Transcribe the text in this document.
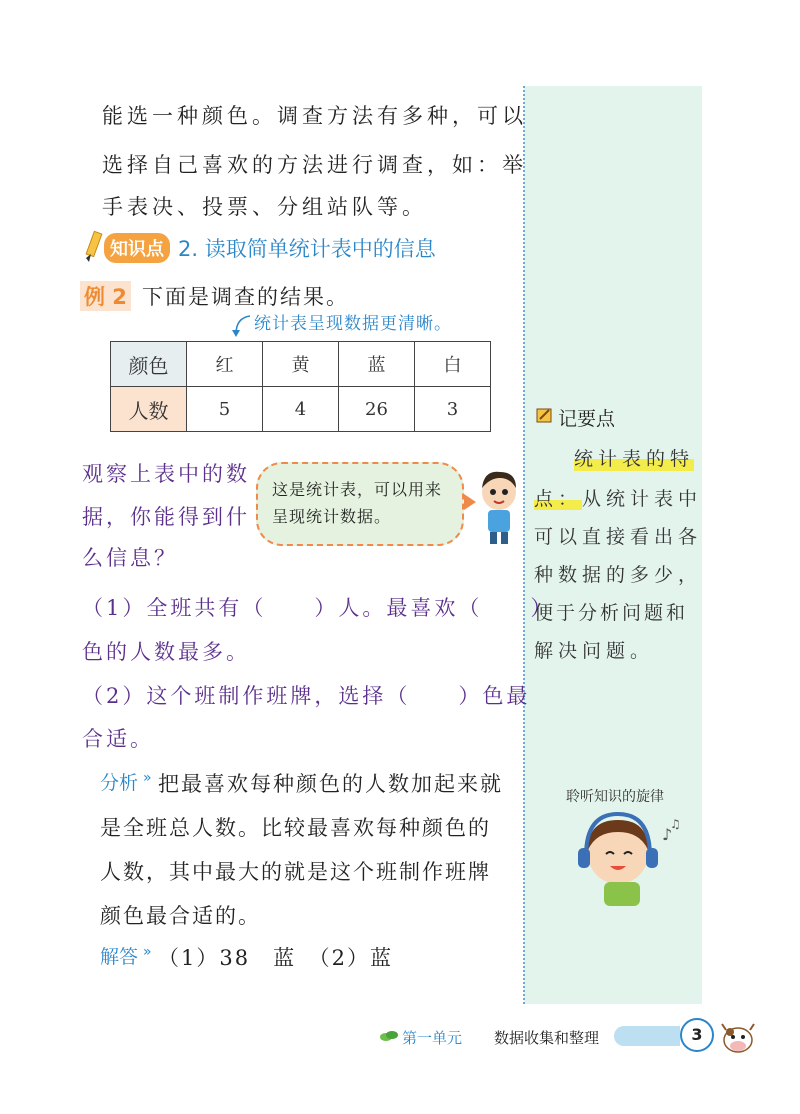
能选一种颜色。调查方法有多种，可以
选择自己喜欢的方法进行调查，如：举
手表决、投票、分组站队等。
知识点 2. 读取简单统计表中的信息
例 2 下面是调查的结果。
统计表呈现数据更清晰。
颜色	红	黄	蓝	白
人数	5	4	26	3
观察上表中的数
据，你能得到什
么信息？
这是统计表，可以用来呈现统计数据。
（1）全班共有（　　）人。最喜欢（　　）
色的人数最多。
（2）这个班制作班牌，选择（　　）色最
合适。
分析 » 把最喜欢每种颜色的人数加起来就
是全班总人数。比较最喜欢每种颜色的
人数，其中最大的就是这个班制作班牌
颜色最合适的。
解答 » （1）38　蓝　（2）蓝
记要点
统计表的特
点：从统计表中
可以直接看出各
种数据的多少，
便于分析问题和
解决问题。
聆听知识的旋律
♪
♫
第一单元 数据收集和整理	3
